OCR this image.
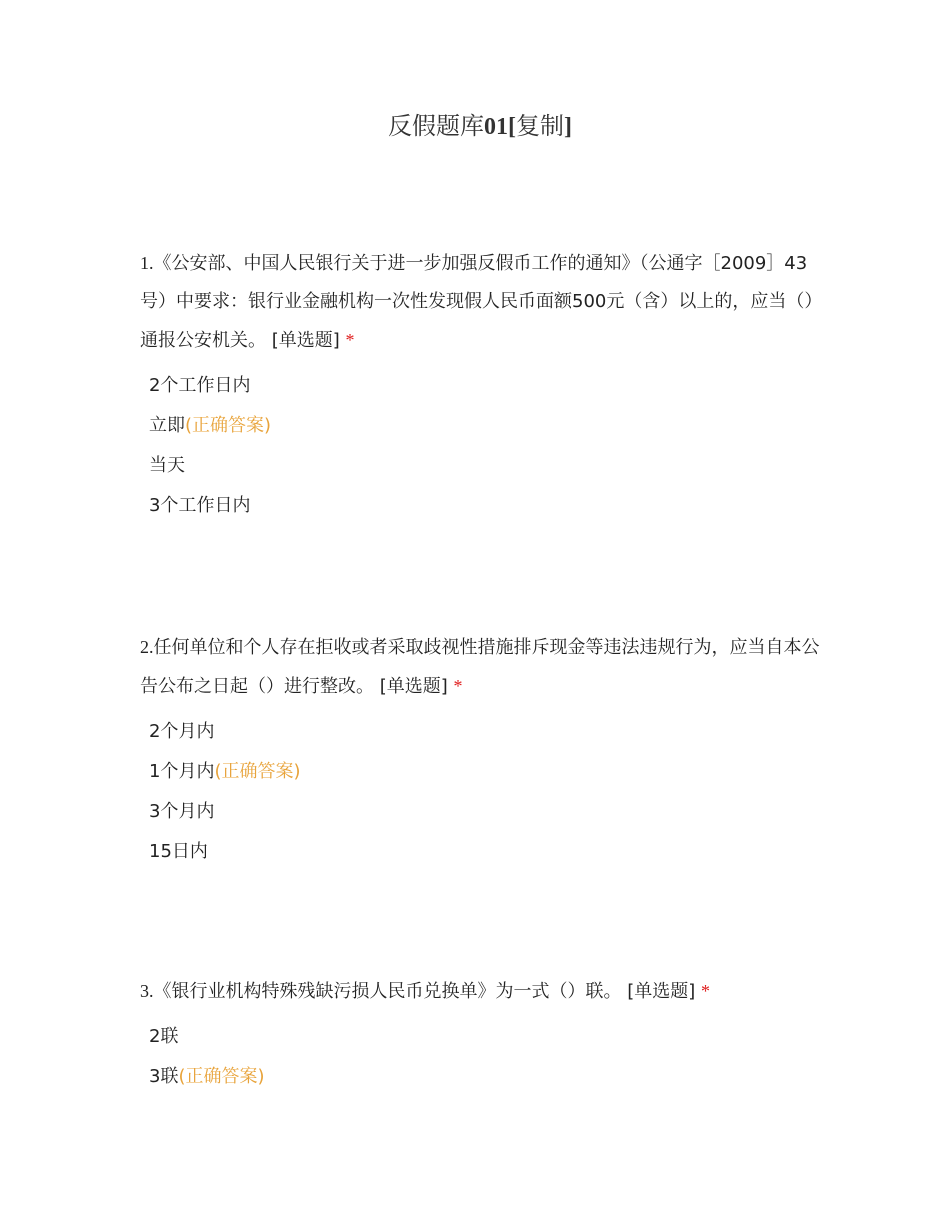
反假题库01[复制]
1.《公安部、中国人民银行关于进一步加强反假币工作的通知》（公通字［2009］43号）中要求：银行业金融机构一次性发现假人民币面额500元（含）以上的，应当（）通报公安机关。 [单选题] *
2个工作日内
立即(正确答案)
当天
3个工作日内
2.任何单位和个人存在拒收或者采取歧视性措施排斥现金等违法违规行为，应当自本公告公布之日起（）进行整改。 [单选题] *
2个月内
1个月内(正确答案)
3个月内
15日内
3.《银行业机构特殊残缺污损人民币兑换单》为一式（）联。 [单选题] *
2联
3联(正确答案)
